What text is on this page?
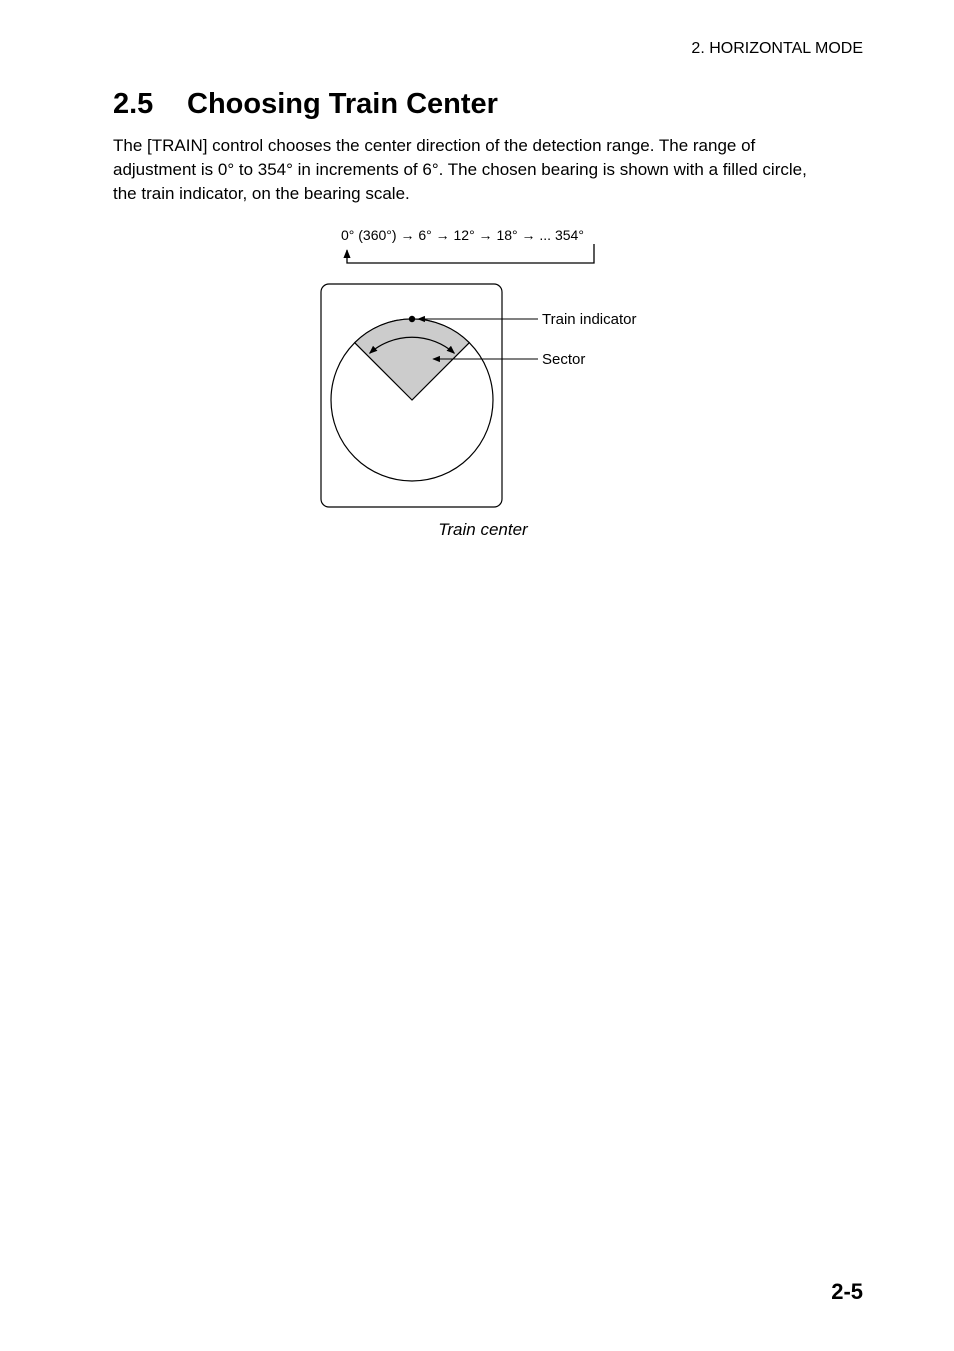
2. HORIZONTAL MODE
2.5 Choosing Train Center

The [TRAIN] control chooses the center direction of the detection range. The range of adjustment is 0° to 354° in increments of 6°. The chosen bearing is shown with a filled circle, the train indicator, on the bearing scale.

0° (360°) → 6° → 12° → 18° → ... 354°
Train indicator
Sector
Train center
2-5
